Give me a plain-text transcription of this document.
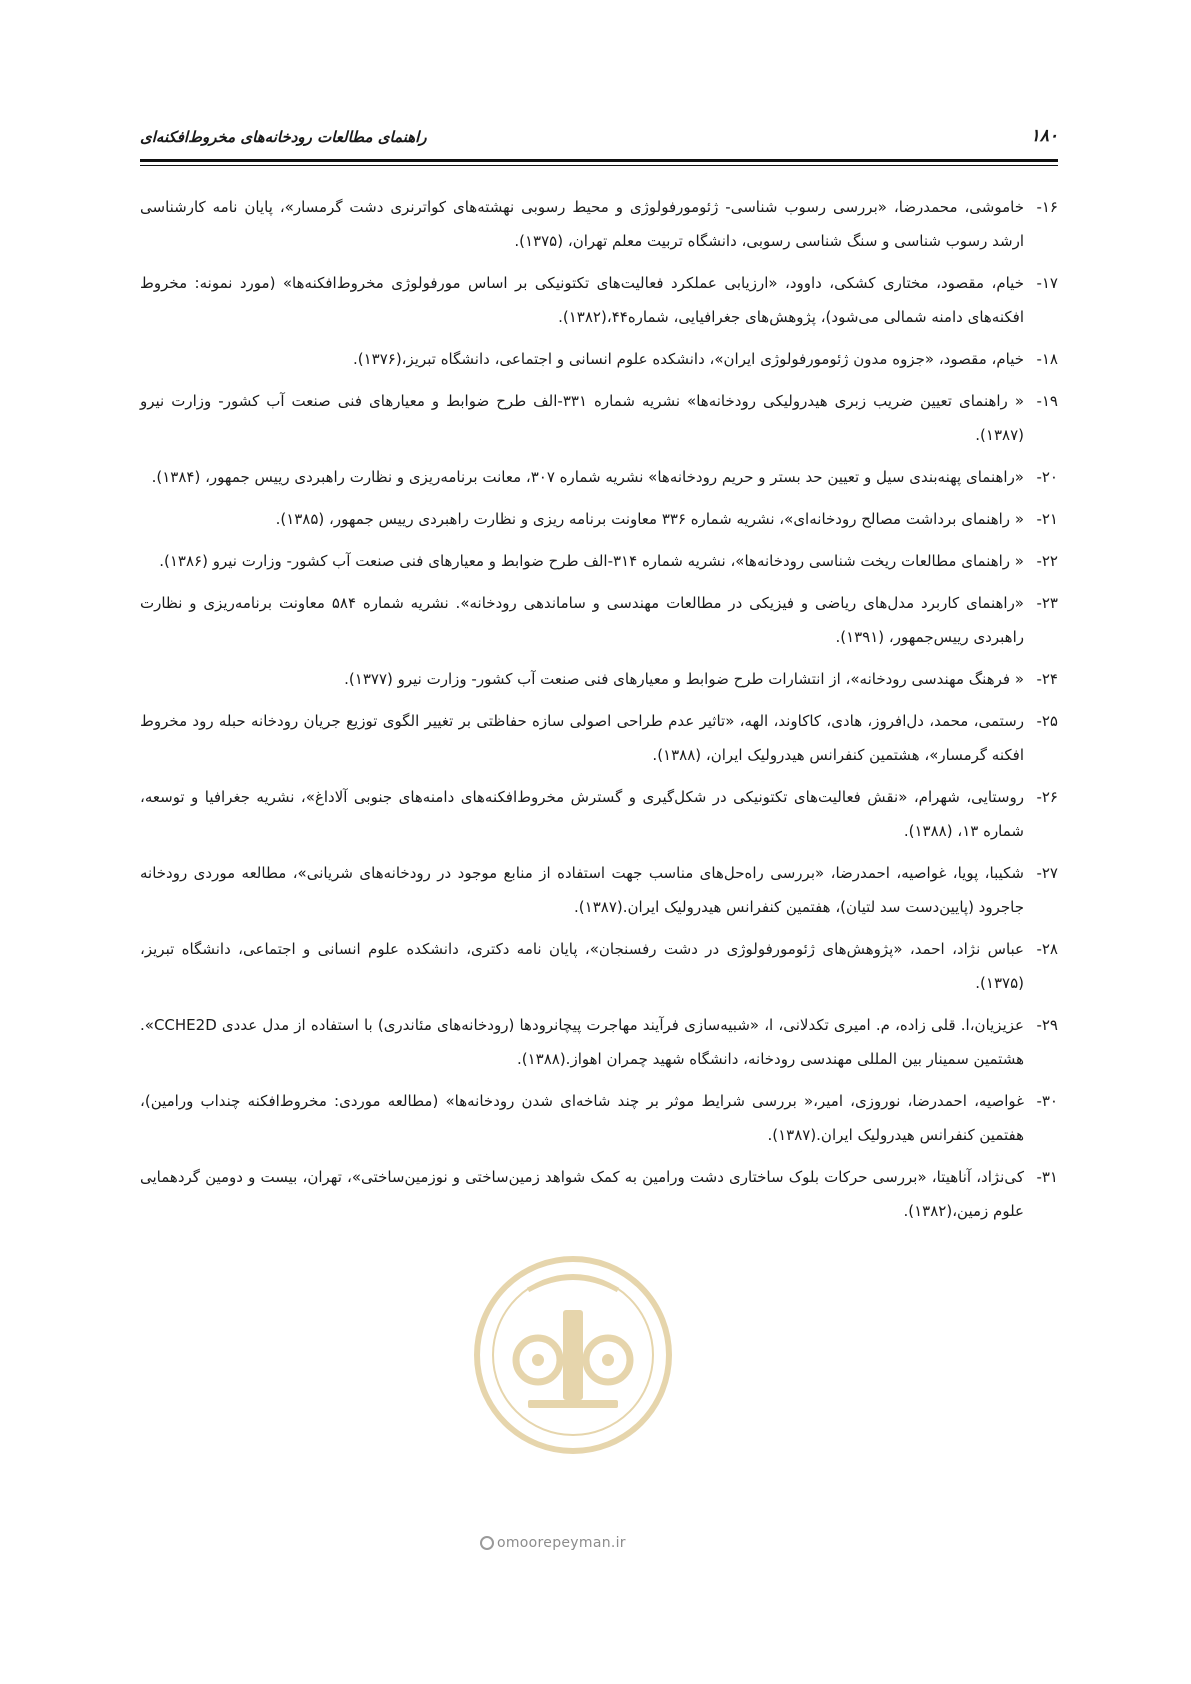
۱۸۰
راهنمای مطالعات رودخانه‌های مخروط‌افکنه‌ای
۱۶-
خاموشی، محمدرضا، «بررسی رسوب شناسی- ژئومورفولوژی و محیط رسوبی نهشته‌های کواترنری دشت گرمسار»، پایان نامه کارشناسی ارشد رسوب شناسی و سنگ شناسی رسوبی، دانشگاه تربیت معلم تهران، (۱۳۷۵).
۱۷-
خیام، مقصود، مختاری کشکی، داوود، «ارزیابی عملکرد فعالیت‌های تکتونیکی بر اساس مورفولوژی مخروط‌افکنه‌ها» (مورد نمونه: مخروط افکنه‌های دامنه شمالی می‌شود)، پژوهش‌های جغرافیایی، شماره۴۴،(۱۳۸۲).
۱۸-
خیام، مقصود، «جزوه مدون ژئومورفولوژی ایران»، دانشکده علوم انسانی و اجتماعی، دانشگاه تبریز،(۱۳۷۶).
۱۹-
« راهنمای تعیین ضریب زبری هیدرولیکی رودخانه‌ها» نشریه شماره ۳۳۱-الف طرح ضوابط و معیارهای فنی صنعت آب کشور- وزارت نیرو (۱۳۸۷).
۲۰-
«راهنمای پهنه‌بندی سیل و تعیین حد بستر و حریم رودخانه‌ها» نشریه شماره ۳۰۷، معانت برنامه‌ریزی و نظارت راهبردی رییس جمهور، (۱۳۸۴).
۲۱-
« راهنمای برداشت مصالح رودخانه‌ای»، نشریه شماره ۳۳۶ معاونت برنامه ریزی و نظارت راهبردی رییس جمهور، (۱۳۸۵).
۲۲-
« راهنمای مطالعات ریخت شناسی رودخانه‌ها»، نشریه شماره ۳۱۴-الف طرح ضوابط و معیارهای فنی صنعت آب کشور- وزارت نیرو (۱۳۸۶).
۲۳-
«راهنمای کاربرد مدل‌های ریاضی و فیزیکی در مطالعات مهندسی و ساماندهی رودخانه». نشریه شماره ۵۸۴ معاونت برنامه‌ریزی و نظارت راهبردی رییس‌جمهور، (۱۳۹۱).
۲۴-
« فرهنگ مهندسی رودخانه»، از انتشارات طرح ضوابط و معیارهای فنی صنعت آب کشور- وزارت نیرو (۱۳۷۷).
۲۵-
رستمی، محمد، دل‌افروز، هادی، کاکاوند، الهه، «تاثیر عدم طراحی اصولی سازه حفاظتی بر تغییر الگوی توزیع جریان رودخانه حبله رود مخروط افکنه گرمسار»، هشتمین کنفرانس هیدرولیک ایران، (۱۳۸۸).
۲۶-
روستایی، شهرام، «نقش فعالیت‌های تکتونیکی در شکل‌گیری و گسترش مخروط‌افکنه‌های دامنه‌های جنوبی آلاداغ»، نشریه جغرافیا و توسعه، شماره ۱۳، (۱۳۸۸).
۲۷-
شکیبا، پویا، غواصیه، احمدرضا، «بررسی راه‌حل‌های مناسب جهت استفاده از منابع موجود در رودخانه‌های شریانی»، مطالعه موردی رودخانه جاجرود (پایین‌دست سد لتیان)، هفتمین کنفرانس هیدرولیک ایران.(۱۳۸۷).
۲۸-
عباس نژاد، احمد، «پژوهش‌های ژئومورفولوژی در دشت رفسنجان»، پایان نامه دکتری، دانشکده علوم انسانی و اجتماعی، دانشگاه تبریز،(۱۳۷۵).
۲۹-
عزیزیان،ا. قلی زاده، م. امیری تکدلانی، ا، «شبیه‌سازی فرآیند مهاجرت پیچانرودها (رودخانه‌های مئاندری) با استفاده از مدل عددی CCHE2D». هشتمین سمینار بین المللی مهندسی رودخانه، دانشگاه شهید چمران اهواز.(۱۳۸۸).
۳۰-
غواصیه، احمدرضا، نوروزی، امیر،« بررسی شرایط موثر بر چند شاخه‌ای شدن رودخانه‌ها» (مطالعه موردی: مخروط‌افکنه چنداب ورامین)، هفتمین کنفرانس هیدرولیک ایران.(۱۳۸۷).
۳۱-
کی‌نژاد، آناهیتا، «بررسی حرکات بلوک ساختاری دشت ورامین به کمک شواهد زمین‌ساختی و نوزمین‌ساختی»، تهران، بیست و دومین گردهمایی علوم زمین،(۱۳۸۲).
omoorepeyman.ir
